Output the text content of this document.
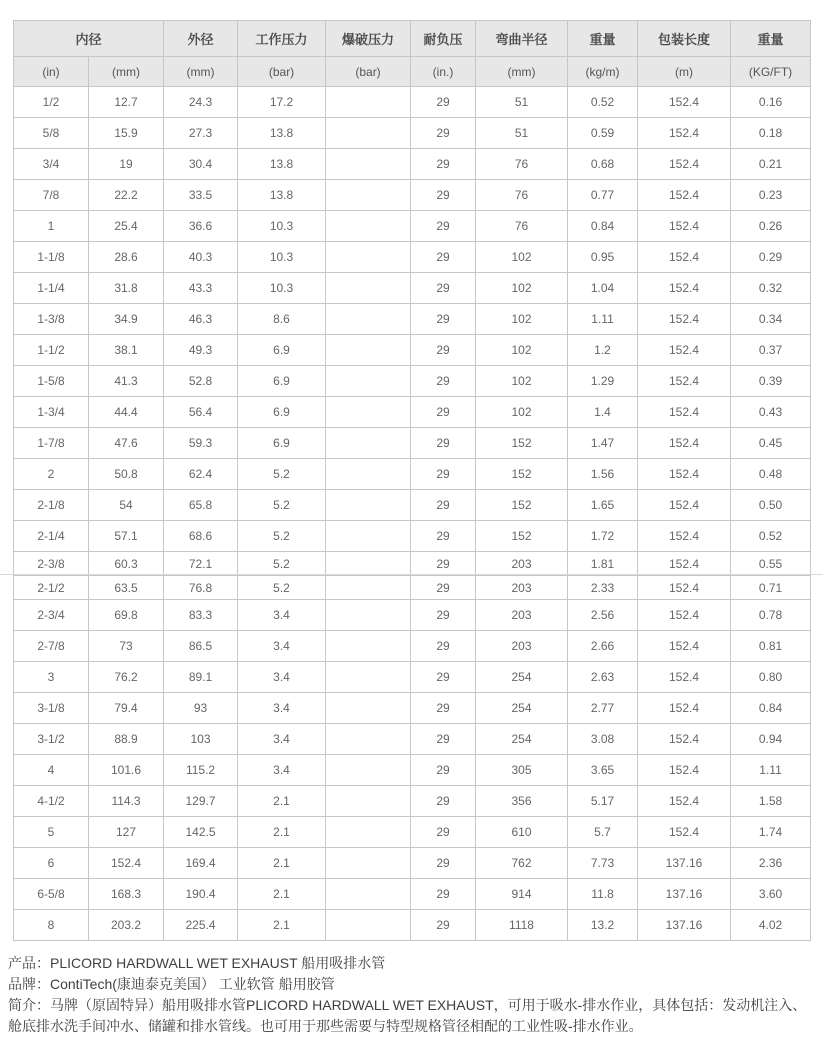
内径		外径	工作压力	爆破压力	耐负压	弯曲半径	重量	包装长度	重量
(in)	(mm)	(mm)	(bar)	(bar)	(in.)	(mm)	(kg/m)	(m)	(KG/FT)
1/2	12.7	24.3	17.2		29	51	0.52	152.4	0.16
5/8	15.9	27.3	13.8		29	51	0.59	152.4	0.18
3/4	19	30.4	13.8		29	76	0.68	152.4	0.21
7/8	22.2	33.5	13.8		29	76	0.77	152.4	0.23
1	25.4	36.6	10.3		29	76	0.84	152.4	0.26
1-1/8	28.6	40.3	10.3		29	102	0.95	152.4	0.29
1-1/4	31.8	43.3	10.3		29	102	1.04	152.4	0.32
1-3/8	34.9	46.3	8.6		29	102	1.11	152.4	0.34
1-1/2	38.1	49.3	6.9		29	102	1.2	152.4	0.37
1-5/8	41.3	52.8	6.9		29	102	1.29	152.4	0.39
1-3/4	44.4	56.4	6.9		29	102	1.4	152.4	0.43
1-7/8	47.6	59.3	6.9		29	152	1.47	152.4	0.45
2	50.8	62.4	5.2		29	152	1.56	152.4	0.48
2-1/8	54	65.8	5.2		29	152	1.65	152.4	0.50
2-1/4	57.1	68.6	5.2		29	152	1.72	152.4	0.52
2-3/8	60.3	72.1	5.2		29	203	1.81	152.4	0.55
2-1/2	63.5	76.8	5.2		29	203	2.33	152.4	0.71
2-3/4	69.8	83.3	3.4		29	203	2.56	152.4	0.78
2-7/8	73	86.5	3.4		29	203	2.66	152.4	0.81
3	76.2	89.1	3.4		29	254	2.63	152.4	0.80
3-1/8	79.4	93	3.4		29	254	2.77	152.4	0.84
3-1/2	88.9	103	3.4		29	254	3.08	152.4	0.94
4	101.6	115.2	3.4		29	305	3.65	152.4	1.11
4-1/2	114.3	129.7	2.1		29	356	5.17	152.4	1.58
5	127	142.5	2.1		29	610	5.7	152.4	1.74
6	152.4	169.4	2.1		29	762	7.73	137.16	2.36
6-5/8	168.3	190.4	2.1		29	914	11.8	137.16	3.60
8	203.2	225.4	2.1		29	1118	13.2	137.16	4.02

产品：PLICORD HARDWALL WET EXHAUST 船用吸排水管

品牌：ContiTech(康迪泰克美国） 工业软管 船用胶管

简介：马牌（原固特异）船用吸排水管PLICORD HARDWALL WET EXHAUST，可用于吸水-排水作业，具体包括：发动机注入、舱底排水洗手间冲水、储罐和排水管线。也可用于那些需要与特型规格管径相配的工业性吸-排水作业。
